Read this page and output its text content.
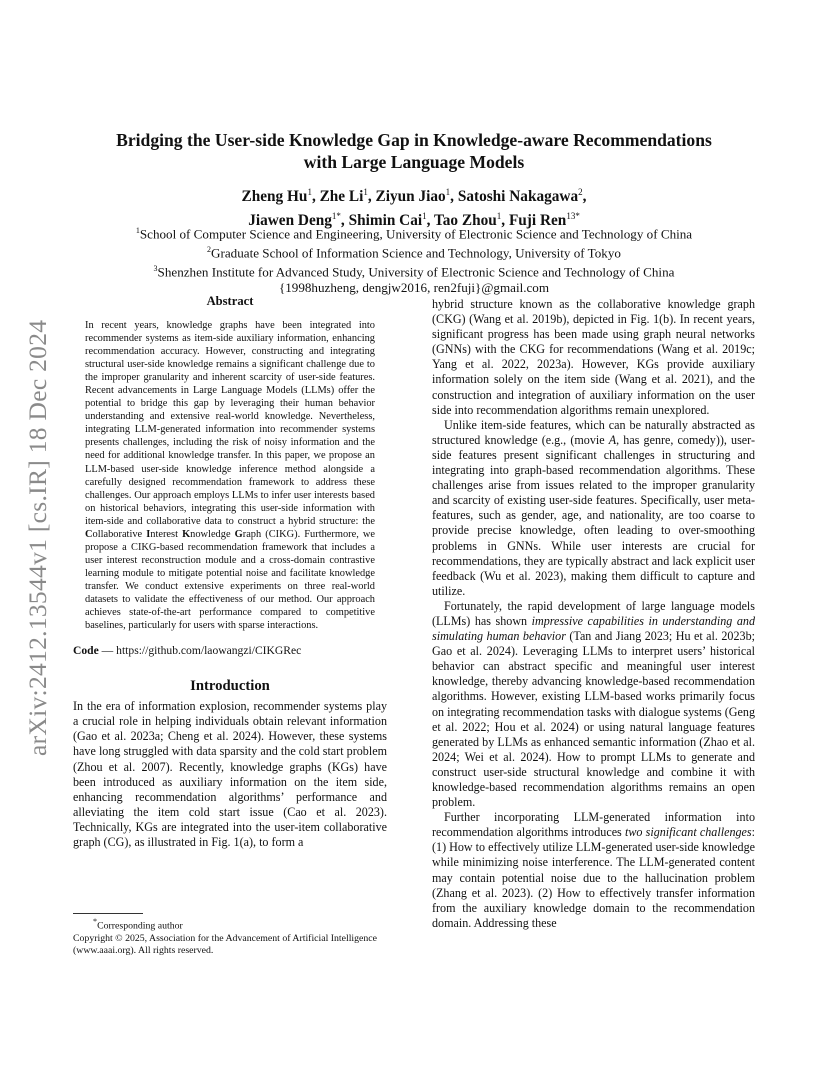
arXiv:2412.13544v1 [cs.IR] 18 Dec 2024
Bridging the User-side Knowledge Gap in Knowledge-aware Recommendations
with Large Language Models
Zheng Hu$^1$, Zhe Li$^1$, Ziyun Jiao$^1$, Satoshi Nakagawa$^2$,
Jiawen Deng$^{1*}$, Shimin Cai$^1$, Tao Zhou$^1$, Fuji Ren$^{13*}$
$^1$School of Computer Science and Engineering, University of Electronic Science and Technology of China
$^2$Graduate School of Information Science and Technology, University of Tokyo
$^3$Shenzhen Institute for Advanced Study, University of Electronic Science and Technology of China
{1998huzheng, dengjw2016, ren2fuji}@gmail.com
Abstract

In recent years, knowledge graphs have been integrated into recommender systems as item-side auxiliary information, enhancing recommendation accuracy. However, constructing and integrating structural user-side knowledge remains a significant challenge due to the improper granularity and inherent scarcity of user-side features. Recent advancements in Large Language Models (LLMs) offer the potential to bridge this gap by leveraging their human behavior understanding and extensive real-world knowledge. Nevertheless, integrating LLM-generated information into recommender systems presents challenges, including the risk of noisy information and the need for additional knowledge transfer. In this paper, we propose an LLM-based user-side knowledge inference method alongside a carefully designed recommendation framework to address these challenges. Our approach employs LLMs to infer user interests based on historical behaviors, integrating this user-side information with item-side and collaborative data to construct a hybrid structure: the Collaborative Interest Knowledge Graph (CIKG). Furthermore, we propose a CIKG-based recommendation framework that includes a user interest reconstruction module and a cross-domain contrastive learning module to mitigate potential noise and facilitate knowledge transfer. We conduct extensive experiments on three real-world datasets to validate the effectiveness of our method. Our approach achieves state-of-the-art performance compared to competitive baselines, particularly for users with sparse interactions.

Code — https://github.com/laowangzi/CIKGRec

Introduction

In the era of information explosion, recommender systems play a crucial role in helping individuals obtain relevant information (Gao et al. 2023a; Cheng et al. 2024). However, these systems have long struggled with data sparsity and the cold start problem (Zhou et al. 2007). Recently, knowledge graphs (KGs) have been introduced as auxiliary information on the item side, enhancing recommendation algorithms’ performance and alleviating the item cold start issue (Cao et al. 2023). Technically, KGs are integrated into the user-item collaborative graph (CG), as illustrated in Fig. 1(a), to form a

*Corresponding author

Copyright © 2025, Association for the Advancement of Artificial Intelligence (www.aaai.org). All rights reserved.

hybrid structure known as the collaborative knowledge graph (CKG) (Wang et al. 2019b), depicted in Fig. 1(b). In recent years, significant progress has been made using graph neural networks (GNNs) with the CKG for recommendations (Wang et al. 2019c; Yang et al. 2022, 2023a). However, KGs provide auxiliary information solely on the item side (Wang et al. 2021), and the construction and integration of auxiliary information on the user side into recommendation algorithms remain unexplored.

Unlike item-side features, which can be naturally abstracted as structured knowledge (e.g., (movie A, has genre, comedy)), user-side features present significant challenges in structuring and integrating into graph-based recommendation algorithms. These challenges arise from issues related to the improper granularity and scarcity of existing user-side features. Specifically, user meta-features, such as gender, age, and nationality, are too coarse to provide precise knowledge, often leading to over-smoothing problems in GNNs. While user interests are crucial for recommendations, they are typically abstract and lack explicit user feedback (Wu et al. 2023), making them difficult to capture and utilize.

Fortunately, the rapid development of large language models (LLMs) has shown impressive capabilities in understanding and simulating human behavior (Tan and Jiang 2023; Hu et al. 2023b; Gao et al. 2024). Leveraging LLMs to interpret users’ historical behavior can abstract specific and meaningful user interest knowledge, thereby advancing knowledge-based recommendation algorithms. However, existing LLM-based works primarily focus on integrating recommendation tasks with dialogue systems (Geng et al. 2022; Hou et al. 2024) or using natural language features generated by LLMs as enhanced semantic information (Zhao et al. 2024; Wei et al. 2024). How to prompt LLMs to generate and construct user-side structural knowledge and combine it with knowledge-based recommendation algorithms remains an open problem.

Further incorporating LLM-generated information into recommendation algorithms introduces two significant challenges: (1) How to effectively utilize LLM-generated user-side knowledge while minimizing noise interference. The LLM-generated content may contain potential noise due to the hallucination problem (Zhang et al. 2023). (2) How to effectively transfer information from the auxiliary knowledge domain to the recommendation domain. Addressing these
